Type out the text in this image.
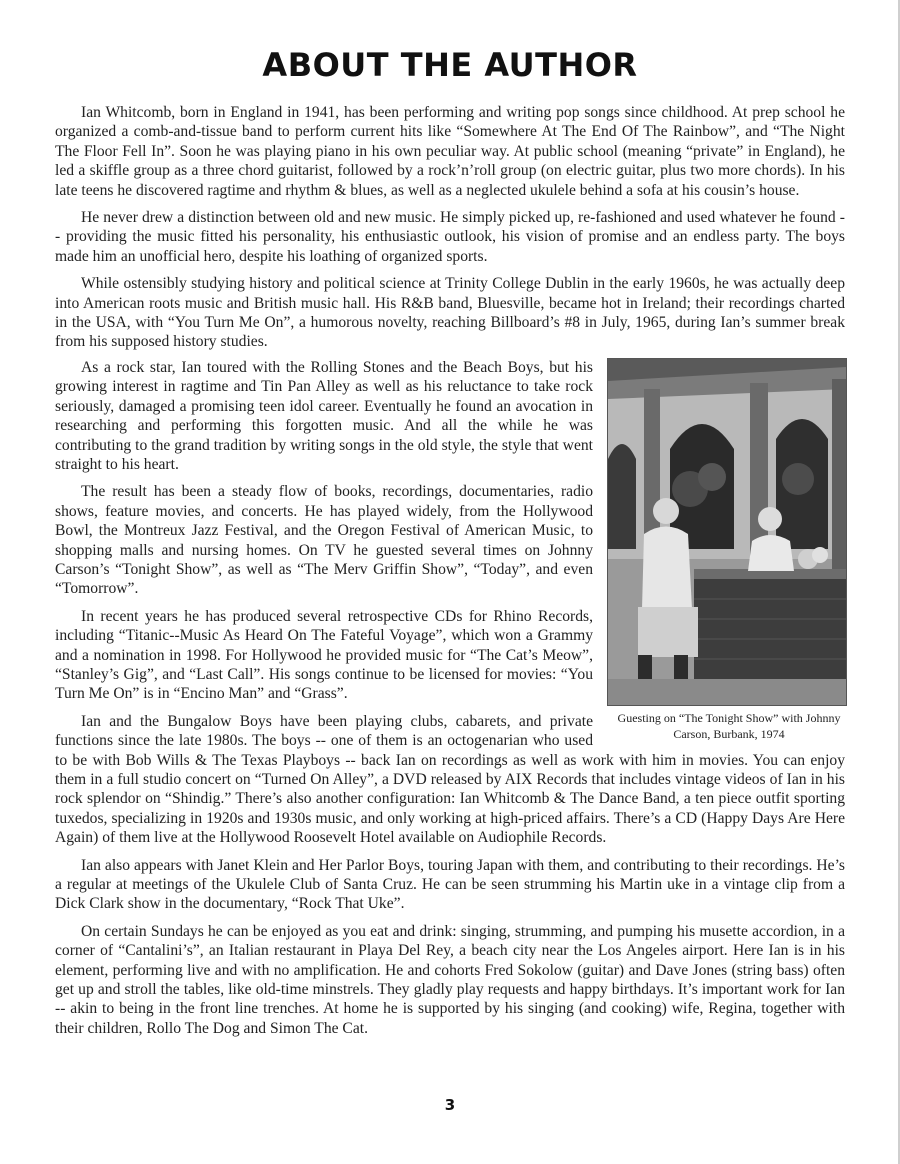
ABOUT THE AUTHOR

Ian Whitcomb, born in England in 1941, has been performing and writing pop songs since childhood. At prep school he organized a comb-and-tissue band to perform current hits like “Somewhere At The End Of The Rainbow”, and “The Night The Floor Fell In”. Soon he was playing piano in his own peculiar way. At public school (meaning “private” in England), he led a skiffle group as a three chord guitarist, followed by a rock’n’roll group (on electric guitar, plus two more chords). In his late teens he discovered ragtime and rhythm & blues, as well as a neglected ukulele behind a sofa at his cousin’s house.

He never drew a distinction between old and new music. He simply picked up, re-fashioned and used whatever he found -- providing the music fitted his personality, his enthusiastic outlook, his vision of promise and an endless party. The boys made him an unofficial hero, despite his loathing of organized sports.

While ostensibly studying history and political science at Trinity College Dublin in the early 1960s, he was actually deep into American roots music and British music hall. His R&B band, Bluesville, became hot in Ireland; their recordings charted in the USA, with “You Turn Me On”, a humorous novelty, reaching Billboard’s #8 in July, 1965, during Ian’s summer break from his supposed history studies.

Guesting on “The Tonight Show” with Johnny Carson, Burbank, 1974

As a rock star, Ian toured with the Rolling Stones and the Beach Boys, but his growing interest in ragtime and Tin Pan Alley as well as his reluctance to take rock seriously, damaged a promising teen idol career. Eventually he found an avocation in researching and performing this forgotten music. And all the while he was contributing to the grand tradition by writing songs in the old style, the style that went straight to his heart.

The result has been a steady flow of books, recordings, documentaries, radio shows, feature movies, and concerts. He has played widely, from the Hollywood Bowl, the Montreux Jazz Festival, and the Oregon Festival of American Music, to shopping malls and nursing homes. On TV he guested several times on Johnny Carson’s “Tonight Show”, as well as “The Merv Griffin Show”, “Today”, and even “Tomorrow”.

In recent years he has produced several retrospective CDs for Rhino Records, including “Titanic--Music As Heard On The Fateful Voyage”, which won a Grammy and a nomination in 1998. For Hollywood he provided music for “The Cat’s Meow”, “Stanley’s Gig”, and “Last Call”. His songs continue to be licensed for movies: “You Turn Me On” is in “Encino Man” and “Grass”.

Ian and the Bungalow Boys have been playing clubs, cabarets, and private functions since the late 1980s. The boys -- one of them is an octogenarian who used to be with Bob Wills & The Texas Playboys -- back Ian on recordings as well as work with him in movies. You can enjoy them in a full studio concert on “Turned On Alley”, a DVD released by AIX Records that includes vintage videos of Ian in his rock splendor on “Shindig.” There’s also another configuration: Ian Whitcomb & The Dance Band, a ten piece outfit sporting tuxedos, specializing in 1920s and 1930s music, and only working at high-priced affairs. There’s a CD (Happy Days Are Here Again) of them live at the Hollywood Roosevelt Hotel available on Audiophile Records.

Ian also appears with Janet Klein and Her Parlor Boys, touring Japan with them, and contributing to their recordings. He’s a regular at meetings of the Ukulele Club of Santa Cruz. He can be seen strumming his Martin uke in a vintage clip from a Dick Clark show in the documentary, “Rock That Uke”.

On certain Sundays he can be enjoyed as you eat and drink: singing, strumming, and pumping his musette accordion, in a corner of “Cantalini’s”, an Italian restaurant in Playa Del Rey, a beach city near the Los Angeles airport. Here Ian is in his element, performing live and with no amplification. He and cohorts Fred Sokolow (guitar) and Dave Jones (string bass) often get up and stroll the tables, like old-time minstrels. They gladly play requests and happy birthdays. It’s important work for Ian -- akin to being in the front line trenches. At home he is supported by his singing (and cooking) wife, Regina, together with their children, Rollo The Dog and Simon The Cat.

3
